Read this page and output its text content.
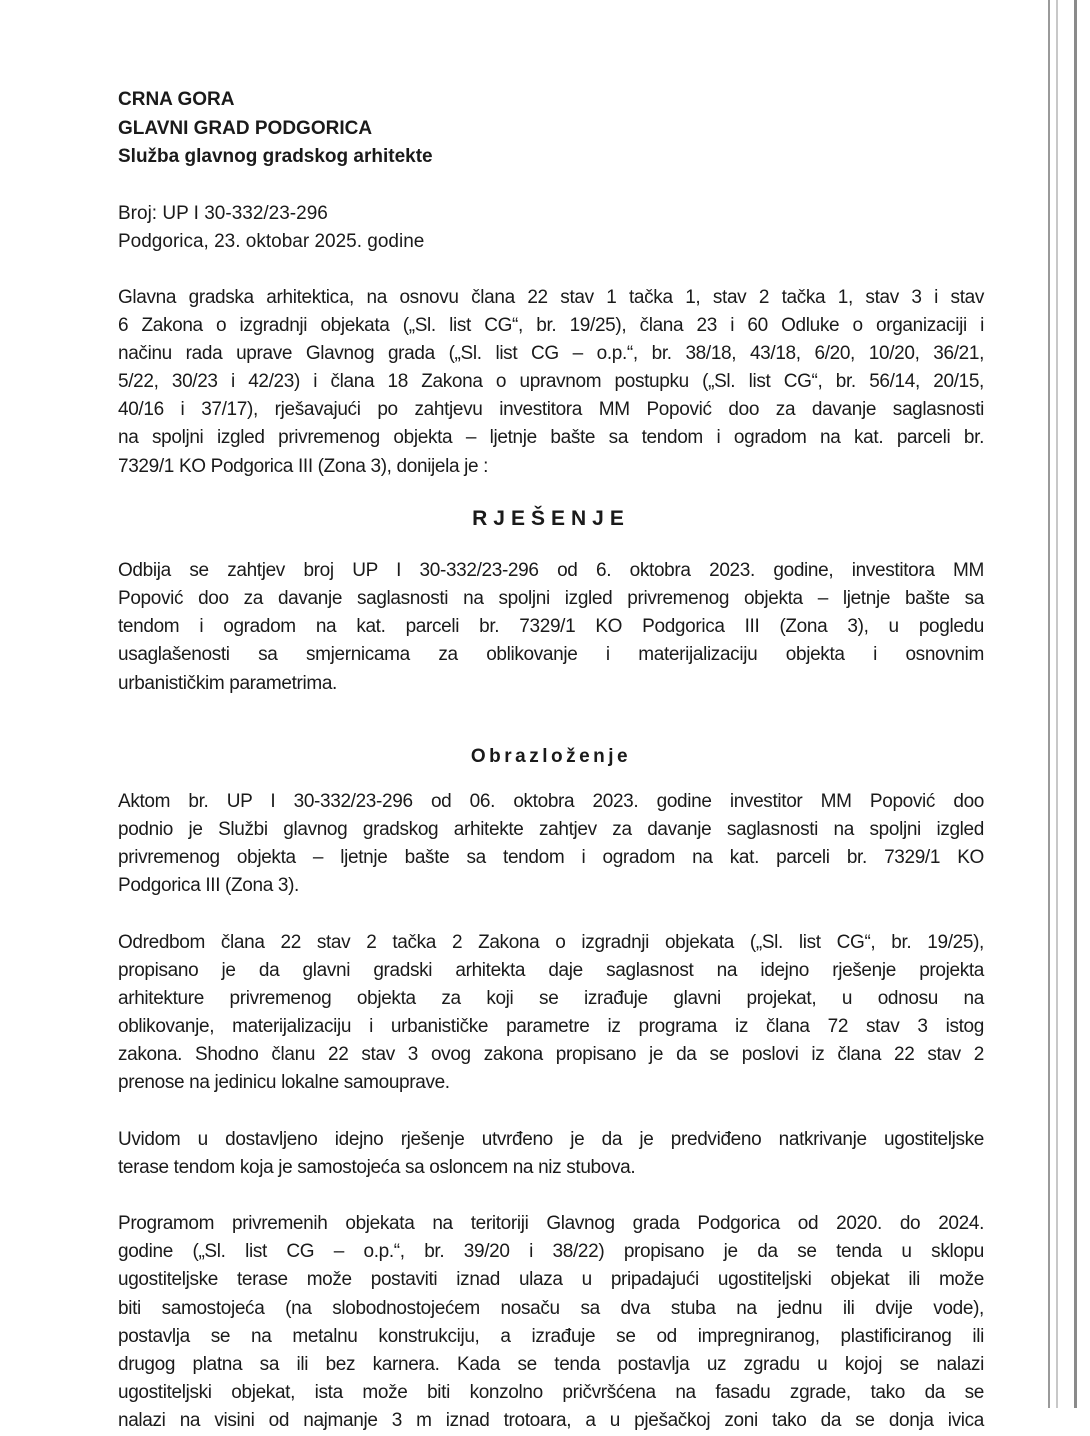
CRNA GORA
GLAVNI GRAD PODGORICA
Služba glavnog gradskog arhitekte
Broj: UP I 30-332/23-296
Podgorica, 23. oktobar 2025. godine
Glavna gradska arhitektica, na osnovu člana 22 stav 1 tačka 1, stav 2 tačka 1, stav 3 i stav
6 Zakona o izgradnji objekata („Sl. list CG“, br. 19/25), člana 23 i 60 Odluke o organizaciji i
načinu rada uprave Glavnog grada („Sl. list CG – o.p.“, br. 38/18, 43/18, 6/20, 10/20, 36/21,
5/22, 30/23 i 42/23) i člana 18 Zakona o upravnom postupku („Sl. list CG“, br. 56/14, 20/15,
40/16 i 37/17), rješavajući po zahtjevu investitora MM Popović doo za davanje saglasnosti
na spoljni izgled privremenog objekta – ljetnje bašte sa tendom i ogradom na kat. parceli br.
7329/1 KO Podgorica III (Zona 3), donijela je :
RJEŠENJE
Odbija se zahtjev broj UP I 30-332/23-296 od 6. oktobra 2023. godine, investitora MM
Popović doo za davanje saglasnosti na spoljni izgled privremenog objekta – ljetnje bašte sa
tendom i ogradom na kat. parceli br. 7329/1 KO Podgorica III (Zona 3), u pogledu
usaglašenosti sa smjernicama za oblikovanje i materijalizaciju objekta i osnovnim
urbanističkim parametrima.
Obrazloženje
Aktom br. UP I 30-332/23-296 od 06. oktobra 2023. godine investitor MM Popović doo
podnio je Službi glavnog gradskog arhitekte zahtjev za davanje saglasnosti na spoljni izgled
privremenog objekta – ljetnje bašte sa tendom i ogradom na kat. parceli br. 7329/1 KO
Podgorica III (Zona 3).
Odredbom člana 22 stav 2 tačka 2 Zakona o izgradnji objekata („Sl. list CG“, br. 19/25),
propisano je da glavni gradski arhitekta daje saglasnost na idejno rješenje projekta
arhitekture privremenog objekta za koji se izrađuje glavni projekat, u odnosu na
oblikovanje, materijalizaciju i urbanističke parametre iz programa iz člana 72 stav 3 istog
zakona. Shodno članu 22 stav 3 ovog zakona propisano je da se poslovi iz člana 22 stav 2
prenose na jedinicu lokalne samouprave.
Uvidom u dostavljeno idejno rješenje utvrđeno je da je predviđeno natkrivanje ugostiteljske
terase tendom koja je samostojeća sa osloncem na niz stubova.
Programom privremenih objekata na teritoriji Glavnog grada Podgorica od 2020. do 2024.
godine („Sl. list CG – o.p.“, br. 39/20 i 38/22) propisano je da se tenda u sklopu
ugostiteljske terase može postaviti iznad ulaza u pripadajući ugostiteljski objekat ili može
biti samostojeća (na slobodnostojećem nosaču sa dva stuba na jednu ili dvije vode),
postavlja se na metalnu konstrukciju, a izrađuje se od impregniranog, plastificiranog ili
drugog platna sa ili bez karnera. Kada se tenda postavlja uz zgradu u kojoj se nalazi
ugostiteljski objekat, ista može biti konzolno pričvršćena na fasadu zgrade, tako da se
nalazi na visini od najmanje 3 m iznad trotoara, a u pješačkoj zoni tako da se donja ivica
